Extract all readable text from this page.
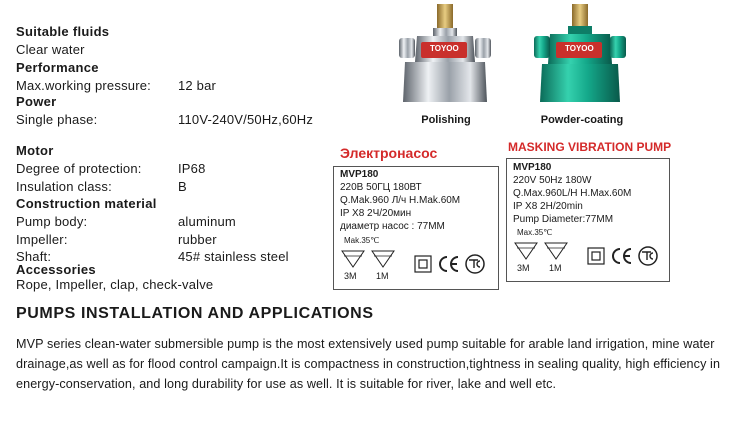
Suitable fluids
Clear water
Performance
Max.working pressure: 12 bar
Power
Single phase:	110V-240V/50Hz,60Hz
Motor
Degree of protection:	IP68
Insulation class:	B
Construction material
Pump body:	aluminum
Impeller:	rubber
Shaft:	45# stainless steel
Accessories
Rope, Impeller, clap, check-valve
TOYOO
Polishing
TOYOO
Powder-coating
Электронасос
MVP180
220В 50ГЦ 180ВТ
Q.Mak.960 Л/ч H.Mak.60M
IP X8 2Ч/20мин
диаметр насос : 77MM
Mak.35℃
3M 1M
MASKING VIBRATION PUMP
MVP180
220V 50Hz 180W
Q.Max.960L/H H.Max.60M
IP X8 2H/20min
Pump Diameter:77MM
Max.35℃
3M 1M
PUMPS INSTALLATION AND APPLICATIONS
MVP series clean-water submersible pump is the most extensively used pump suitable for arable land irrigation, mine water drainage,as well as for flood control campaign.It is compactness in construction,tightness in sealing quality, high efficiency in energy-conservation, and long durability for use as well. It is suitable for river, lake and well etc.
